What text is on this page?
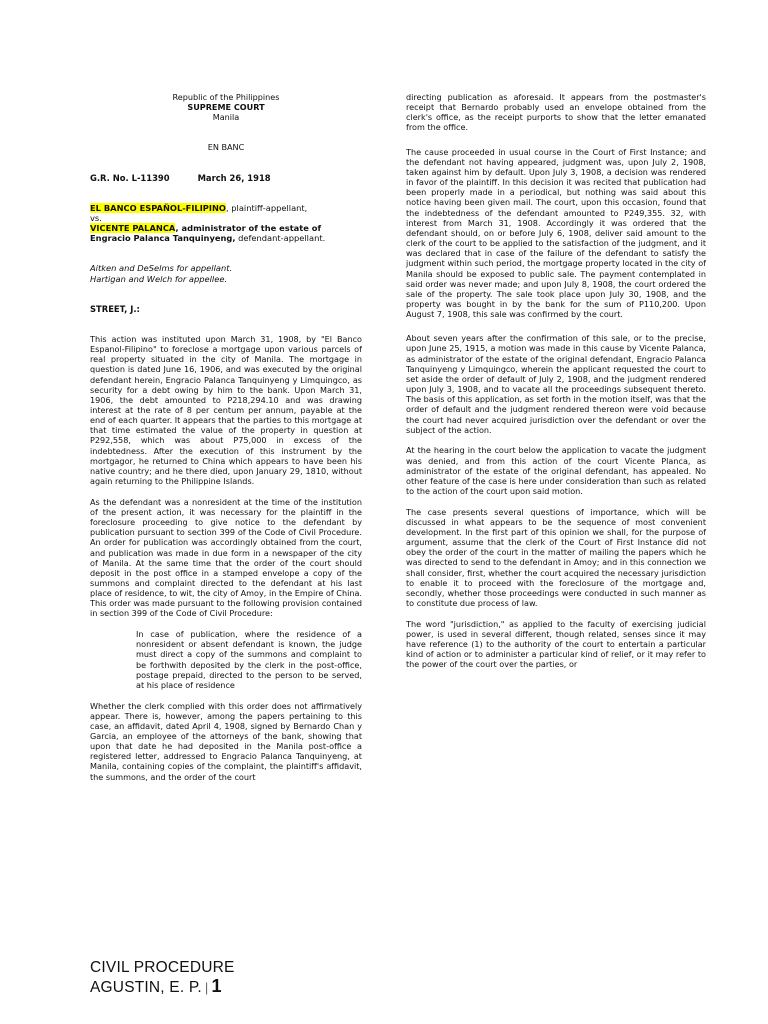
Republic of the Philippines

SUPREME COURT

Manila

EN BANC

G.R. No. L-11390	March 26, 1918
EL BANCO ESPAÑOL-FILIPINO, plaintiff-appellant,
vs.
VICENTE PALANCA, administrator of the estate of Engracio Palanca Tanquinyeng, defendant-appellant.
Aitken and DeSelms for appellant.
Hartigan and Welch for appellee.

STREET, J.:

This action was instituted upon March 31, 1908, by "El Banco Espanol-Filipino" to foreclose a mortgage upon various parcels of real property situated in the city of Manila. The mortgage in question is dated June 16, 1906, and was executed by the original defendant herein, Engracio Palanca Tanquinyeng y Limquingco, as security for a debt owing by him to the bank. Upon March 31, 1906, the debt amounted to P218,294.10 and was drawing interest at the rate of 8 per centum per annum, payable at the end of each quarter. It appears that the parties to this mortgage at that time estimated the value of the property in question at P292,558, which was about P75,000 in excess of the indebtedness. After the execution of this instrument by the mortgagor, he returned to China which appears to have been his native country; and he there died, upon January 29, 1810, without again returning to the Philippine Islands.

As the defendant was a nonresident at the time of the institution of the present action, it was necessary for the plaintiff in the foreclosure proceeding to give notice to the defendant by publication pursuant to section 399 of the Code of Civil Procedure. An order for publication was accordingly obtained from the court, and publication was made in due form in a newspaper of the city of Manila. At the same time that the order of the court should deposit in the post office in a stamped envelope a copy of the summons and complaint directed to the defendant at his last place of residence, to wit, the city of Amoy, in the Empire of China. This order was made pursuant to the following provision contained in section 399 of the Code of Civil Procedure:

In case of publication, where the residence of a nonresident or absent defendant is known, the judge must direct a copy of the summons and complaint to be forthwith deposited by the clerk in the post-office, postage prepaid, directed to the person to be served, at his place of residence

Whether the clerk complied with this order does not affirmatively appear. There is, however, among the papers pertaining to this case, an affidavit, dated April 4, 1908, signed by Bernardo Chan y Garcia, an employee of the attorneys of the bank, showing that upon that date he had deposited in the Manila post-office a registered letter, addressed to Engracio Palanca Tanquinyeng, at Manila, containing copies of the complaint, the plaintiff's affidavit, the summons, and the order of the court

directing publication as aforesaid. It appears from the postmaster's receipt that Bernardo probably used an envelope obtained from the clerk's office, as the receipt purports to show that the letter emanated from the office.

The cause proceeded in usual course in the Court of First Instance; and the defendant not having appeared, judgment was, upon July 2, 1908, taken against him by default. Upon July 3, 1908, a decision was rendered in favor of the plaintiff. In this decision it was recited that publication had been properly made in a periodical, but nothing was said about this notice having been given mail. The court, upon this occasion, found that the indebtedness of the defendant amounted to P249,355. 32, with interest from March 31, 1908. Accordingly it was ordered that the defendant should, on or before July 6, 1908, deliver said amount to the clerk of the court to be applied to the satisfaction of the judgment, and it was declared that in case of the failure of the defendant to satisfy the judgment within such period, the mortgage property located in the city of Manila should be exposed to public sale. The payment contemplated in said order was never made; and upon July 8, 1908, the court ordered the sale of the property. The sale took place upon July 30, 1908, and the property was bought in by the bank for the sum of P110,200. Upon August 7, 1908, this sale was confirmed by the court.

About seven years after the confirmation of this sale, or to the precise, upon June 25, 1915, a motion was made in this cause by Vicente Palanca, as administrator of the estate of the original defendant, Engracio Palanca Tanquinyeng y Limquingco, wherein the applicant requested the court to set aside the order of default of July 2, 1908, and the judgment rendered upon July 3, 1908, and to vacate all the proceedings subsequent thereto. The basis of this application, as set forth in the motion itself, was that the order of default and the judgment rendered thereon were void because the court had never acquired jurisdiction over the defendant or over the subject of the action.

At the hearing in the court below the application to vacate the judgment was denied, and from this action of the court Vicente Planca, as administrator of the estate of the original defendant, has appealed. No other feature of the case is here under consideration than such as related to the action of the court upon said motion.

The case presents several questions of importance, which will be discussed in what appears to be the sequence of most convenient development. In the first part of this opinion we shall, for the purpose of argument, assume that the clerk of the Court of First Instance did not obey the order of the court in the matter of mailing the papers which he was directed to send to the defendant in Amoy; and in this connection we shall consider, first, whether the court acquired the necessary jurisdiction to enable it to proceed with the foreclosure of the mortgage and, secondly, whether those proceedings were conducted in such manner as to constitute due process of law.

The word "jurisdiction," as applied to the faculty of exercising judicial power, is used in several different, though related, senses since it may have reference (1) to the authority of the court to entertain a particular kind of action or to administer a particular kind of relief, or it may refer to the power of the court over the parties, or

CIVIL PROCEDURE
AGUSTIN, E. P. | 1
